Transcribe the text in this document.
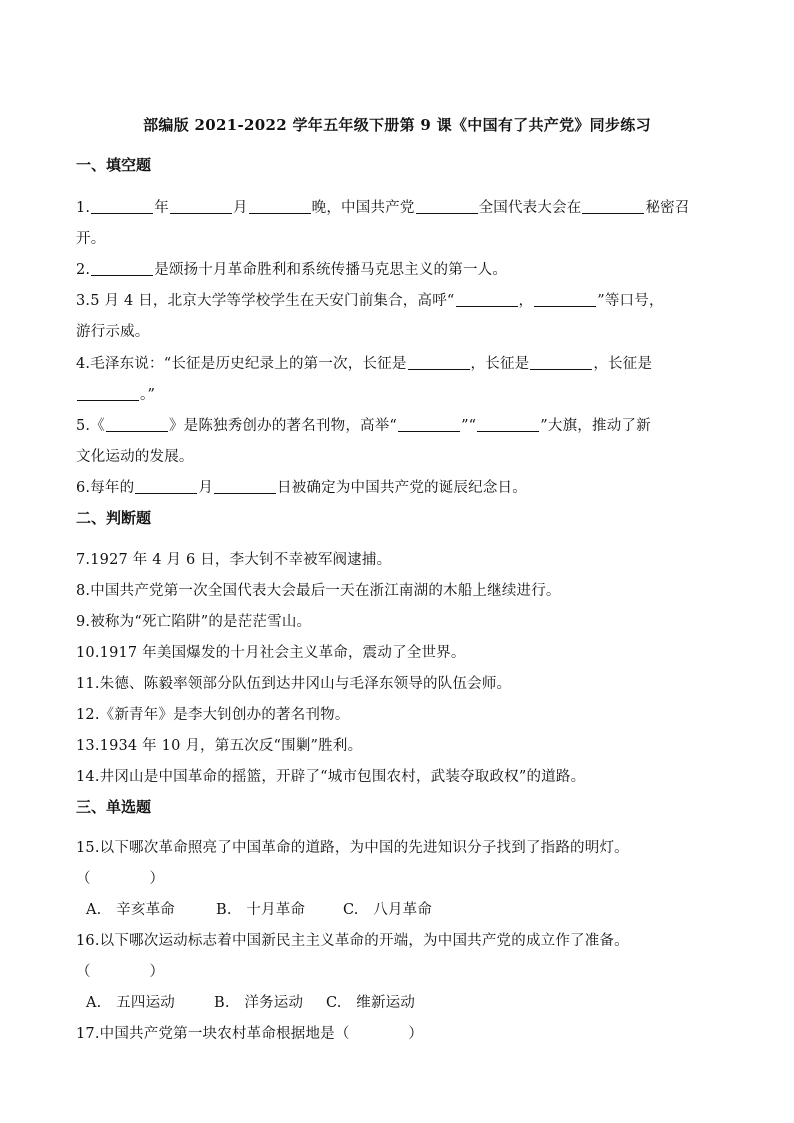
部编版 2021-2022 学年五年级下册第 9 课《中国有了共产党》同步练习
一、填空题
1.	年	月	晚，中国共产党	全国代表大会在	秘密召
开。
2.	是颂扬十月革命胜利和系统传播马克思主义的第一人。
3.5 月 4 日，北京大学等学校学生在天安门前集合，高呼“	，	”等口号，
游行示威。
4.毛泽东说：“长征是历史纪录上的第一次，长征是	，长征是	，长征是
。”
5.《	》是陈独秀创办的著名刊物，高举“	”“	”大旗，推动了新
文化运动的发展。
6.每年的	月	日被确定为中国共产党的诞辰纪念日。
二、判断题
7.1927 年 4 月 6 日，李大钊不幸被军阀逮捕。
8.中国共产党第一次全国代表大会最后一天在浙江南湖的木船上继续进行。
9.被称为“死亡陷阱”的是茫茫雪山。
10.1917 年美国爆发的十月社会主义革命，震动了全世界。
11.朱德、陈毅率领部分队伍到达井冈山与毛泽东领导的队伍会师。
12.《新青年》是李大钊创办的著名刊物。
13.1934 年 10 月，第五次反“围剿”胜利。
14.井冈山是中国革命的摇篮，开辟了“城市包围农村，武装夺取政权”的道路。
三、单选题
15.以下哪次革命照亮了中国革命的道路，为中国的先进知识分子找到了指路的明灯。
（　　　　）
A.　辛亥革命	B.　十月革命	C.　八月革命
16.以下哪次运动标志着中国新民主主义革命的开端，为中国共产党的成立作了准备。
（　　　　）
A.　五四运动	B.　洋务运动 C.　维新运动
17.中国共产党第一块农村革命根据地是（　　　　）
